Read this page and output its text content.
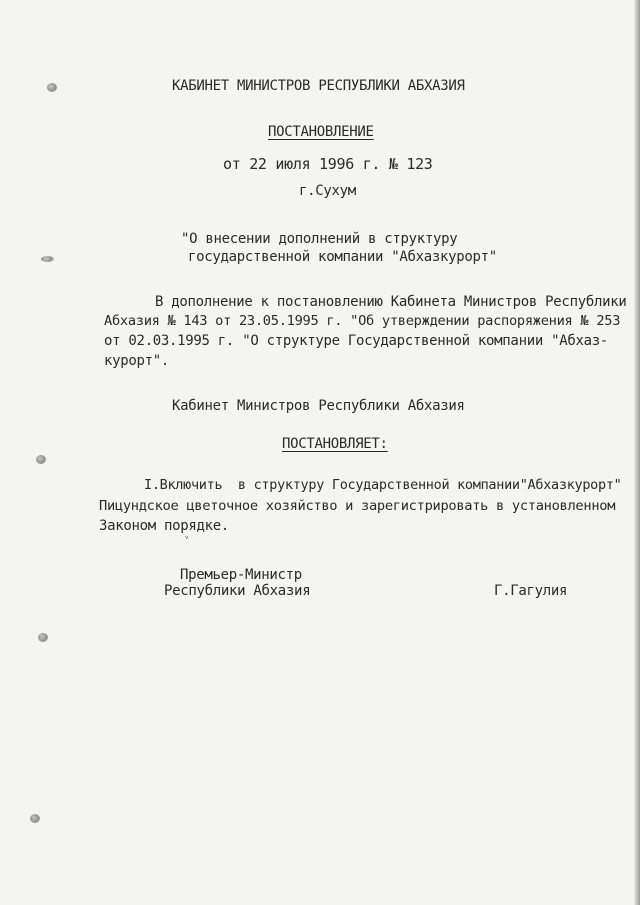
КАБИНЕТ МИНИСТРОВ РЕСПУБЛИКИ АБХАЗИЯ
ПОСТАНОВЛЕНИЕ
от 22 июля 1996 г. № 123
г.Сухум
"О внесении дополнений в структуру
государственной компании "Абхазкурорт"
В дополнение к постановлению Кабинета Министров Республики
Абхазия № 143 от 23.05.1995 г. "Об утверждении распоряжения № 253
от 02.03.1995 г. "О структуре Государственной компании "Абхаз-
курорт".
Кабинет Министров Республики Абхазия
ПОСТАНОВЛЯЕТ:
I.Включить  в структуру Государственной компании"Абхазкурорт"
Пицундское цветочное хозяйство и зарегистрировать в установленном
Законом порядке.
ᵛ
Премьер-Министр
Республики Абхазия	Г.Гагулия
